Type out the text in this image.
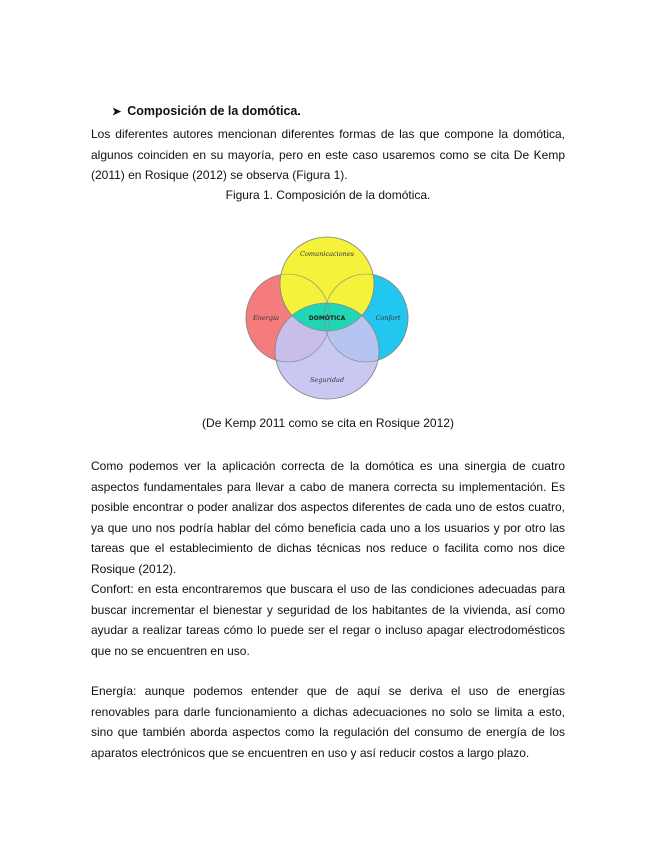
➤ Composición de la domótica.

Los diferentes autores mencionan diferentes formas de las que compone la domótica, algunos coinciden en su mayoría, pero en este caso usaremos como se cita De Kemp (2011) en Rosique (2012) se observa (Figura 1).

Figura 1. Composición de la domótica.
Comunicaciones
Energía	Confort
Seguridad
DOMÓTICA
(De Kemp 2011 como se cita en Rosique 2012)

Como podemos ver la aplicación correcta de la domótica es una sinergia de cuatro aspectos fundamentales para llevar a cabo de manera correcta su implementación. Es posible encontrar o poder analizar dos aspectos diferentes de cada uno de estos cuatro, ya que uno nos podría hablar del cómo beneficia cada uno a los usuarios y por otro las tareas que el establecimiento de dichas técnicas nos reduce o facilita como nos dice Rosique (2012).

Confort: en esta encontraremos que buscara el uso de las condiciones adecuadas para buscar incrementar el bienestar y seguridad de los habitantes de la vivienda, así como ayudar a realizar tareas cómo lo puede ser el regar o incluso apagar electrodomésticos que no se encuentren en uso.

Energía: aunque podemos entender que de aquí se deriva el uso de energías renovables para darle funcionamiento a dichas adecuaciones no solo se limita a esto, sino que también aborda aspectos como la regulación del consumo de energía de los aparatos electrónicos que se encuentren en uso y así reducir costos a largo plazo.
